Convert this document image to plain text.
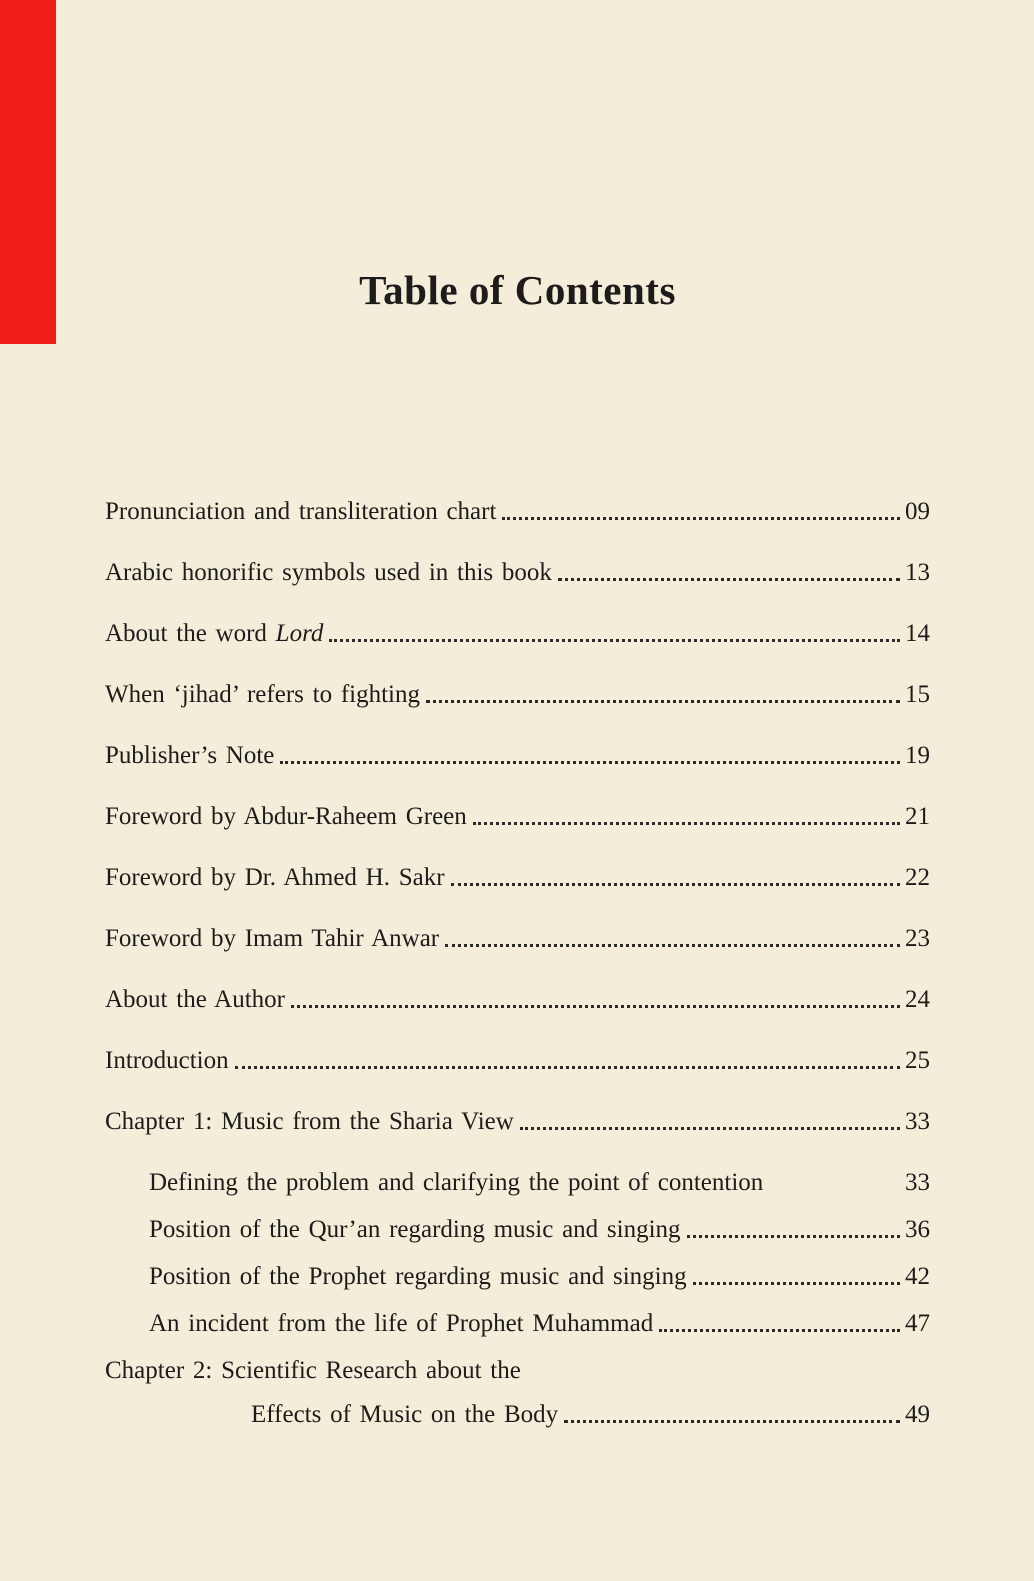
Table of Contents
Pronunciation and transliteration chart	09
Arabic honorific symbols used in this book	13
About the word Lord	14
When ‘jihad’ refers to fighting	15
Publisher’s Note	19
Foreword by Abdur-Raheem Green	21
Foreword by Dr. Ahmed H. Sakr	22
Foreword by Imam Tahir Anwar	23
About the Author	24
Introduction	25
Chapter 1: Music from the Sharia View	33
Defining the problem and clarifying the point of contention	33
Position of the Qur’an regarding music and singing	36
Position of the Prophet regarding music and singing	42
An incident from the life of Prophet Muhammad	47
Chapter 2: Scientific Research about the
Effects of Music on the Body	49
